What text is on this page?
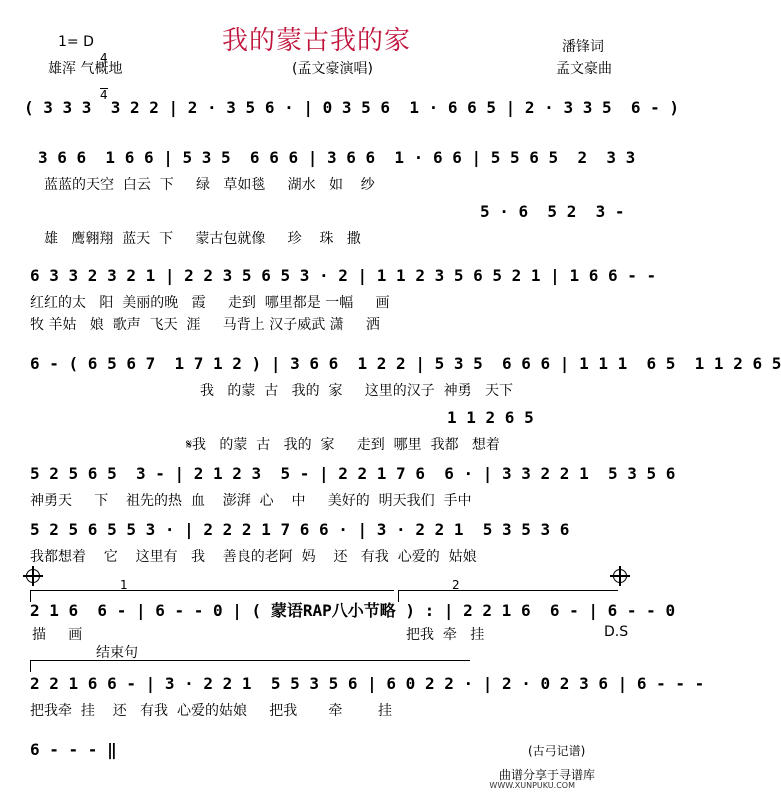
1= D

4

4

我的蒙古我的家	潘锋词
雄浑 气概地	(孟文豪演唱)	孟文豪曲
( 3 3 3  3 2 2 | 2 · 3 5 6 · | 0 3 5 6  1 · 6 6 5 | 2 · 3 3 5  6 - )
3 6 6  1 6 6 | 5 3 5  6 6 6 | 3 6 6  1 · 6 6 | 5 5 6 5  2  3 3
蓝蓝的天空  白云  下     绿   草如毯     湖水   如    纱
5 · 6  5 2  3 -
雄   鹰翱翔  蓝天  下     蒙古包就像     珍    珠   撒
6 3 3 2 3 2 1 | 2 2 3 5 6 5 3 · 2 | 1 1 2 3 5 6 5 2 1 | 1 6 6 - -
红红的太   阳  美丽的晚   霞     走到  哪里都是 一幅     画
牧 羊姑   娘  歌声  飞天  涯     马背上 汉子威武 潇     洒
6 - ( 6 5 6 7  1 7 1 2 ) | 3 6 6  1 2 2 | 5 3 5  6 6 6 | 1 1 1  6 5  1 1 2 6 5
我   的蒙  古   我的  家     这里的汉子  神勇   天下
1 1 2 6 5
𝄋我   的蒙  古   我的  家     走到  哪里  我都   想着
5 2 5 6 5  3 - | 2 1 2 3  5 - | 2 2 1 7 6  6 · | 3 3 2 2 1  5 3 5 6
神勇天     下    祖先的热  血    澎湃  心    中     美好的  明天我们  手中
5 2 5 6 5 5 3 · | 2 2 2 1 7 6 6 · | 3 · 2 2 1  5 3 5 3 6
我都想着    它    这里有   我    善良的老阿  妈    还   有我  心爱的  姑娘
1	2
2 1 6  6 - | 6 - - 0 | ( 蒙语RAP八小节略 ) : | 2 2 1 6  6 - | 6 - - 0
描     画	把我  牵   挂	D.S
结束句
2 2 1 6 6 - | 3 · 2 2 1  5 5 3 5 6 | 6 0 2 2 · | 2 · 0 2 3 6 | 6 - - -
把我牵  挂    还   有我  心爱的姑娘     把我       牵        挂
6 - - - ‖	(古弓记谱)
曲谱分享于寻谱库
WWW.XUNPUKU.COM
